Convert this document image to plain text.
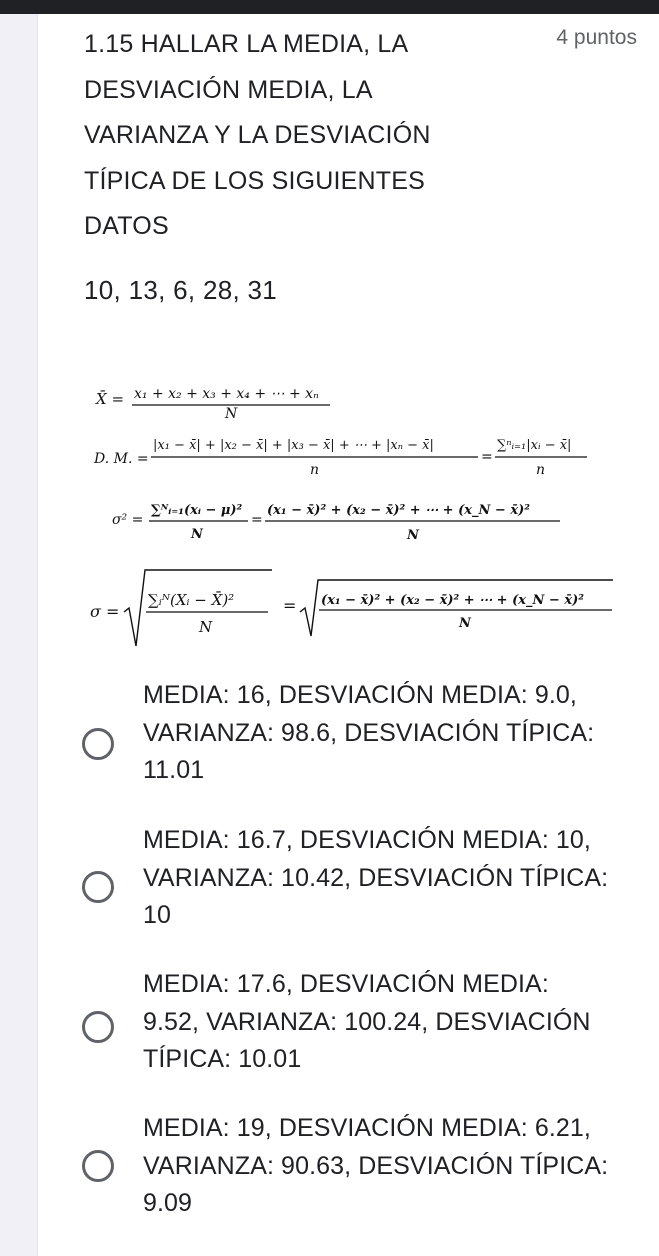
1.15 HALLAR LA MEDIA, LA
DESVIACIÓN MEDIA, LA
VARIANZA Y LA DESVIACIÓN
TÍPICA DE LOS SIGUIENTES
DATOS
4 puntos
10, 13, 6, 28, 31
X̄ = x₁ + x₂ + x₃ + x₄ + ⋯ + xₙ
N
D. M. =
|x₁ − x̄| + |x₂ − x̄| + |x₃ − x̄| + ⋯ + |xₙ − x̄|
n
=
∑ⁿᵢ₌₁|xᵢ − x̄|
n
σ² =
∑ᴺᵢ₌₁(xᵢ − μ)²
N
=
(x₁ − x̄)² + (x₂ − x̄)² + ⋯ + (x_N − x̄)²
N
σ =
∑ᵢᴺ(Xᵢ − X̄)²
N
= (x₁ − x̄)² + (x₂ − x̄)² + ⋯ + (x_N − x̄)²
N
MEDIA: 16, DESVIACIÓN MEDIA: 9.0,
VARIANZA: 98.6, DESVIACIÓN TÍPICA:
11.01
MEDIA: 16.7, DESVIACIÓN MEDIA: 10,
VARIANZA: 10.42, DESVIACIÓN TÍPICA:
10
MEDIA: 17.6, DESVIACIÓN MEDIA:
9.52, VARIANZA: 100.24, DESVIACIÓN
TÍPICA: 10.01
MEDIA: 19, DESVIACIÓN MEDIA: 6.21,
VARIANZA: 90.63, DESVIACIÓN TÍPICA:
9.09
